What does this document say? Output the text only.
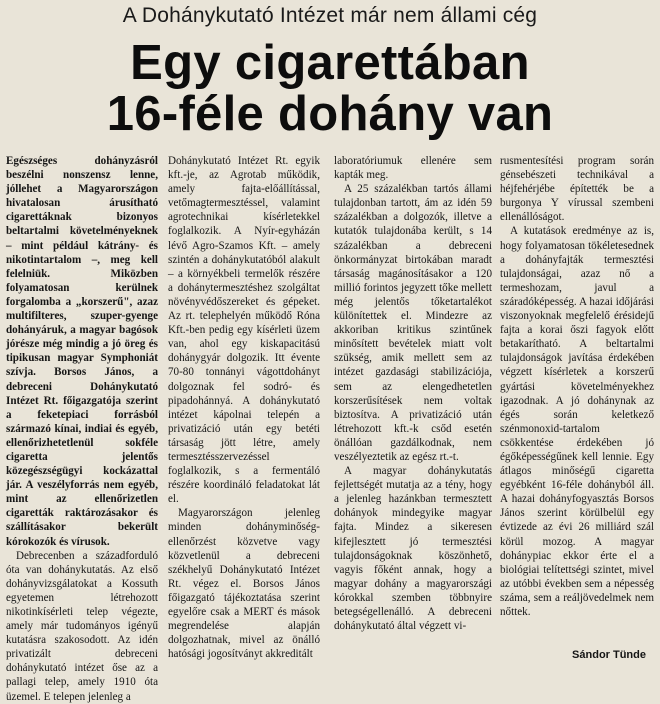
A Dohánykutató Intézet már nem állami cég
Egy cigarettában
16-féle dohány van

Egészséges dohányzásról beszélni nonszensz lenne, jóllehet a Magyarországon hivatalosan árusítható cigarettáknak bizonyos beltartalmi követelményeknek – mint például kátrány- és nikotintartalom –, meg kell felelniük. Miközben folyamatosan kerülnek forgalomba a „korszerű", azaz multifilteres, szuper-gyenge dohányáruk, a magyar bagósok jórésze még mindig a jó öreg és tipikusan magyar Symphoniát szívja. Borsos János, a debreceni Dohánykutató Intézet Rt. főigazgatója szerint a feketepiaci forrásból származó kínai, indiai és egyéb, ellenőrizhetetlenül sokféle cigaretta jelentős közegészségügyi kockázattal jár. A veszélyforrás nem egyéb, mint az ellenőrizetlen cigaretták raktározásakor és szállításakor bekerült kórokozók és vírusok.

Debrecenben a századforduló óta van dohánykutatás. Az első dohányvizsgálatokat a Kossuth egyetemen létrehozott nikotinkísérleti telep végezte, amely már tudományos igényű kutatásra szakosodott. Az idén privatizált debreceni dohánykutató intézet őse az a pallagi telep, amely 1910 óta üzemel. E telepen jelenleg a

Dohánykutató Intézet Rt. egyik kft.-je, az Agrotab működik, amely fajta-előállítással, vetőmagtermesztéssel, valamint agrotechnikai kísérletekkel foglalkozik. A Nyír-egyházán lévő Agro-Szamos Kft. – amely szintén a dohánykutatóból alakult – a környékbeli termelők részére a dohánytermesztéshez szolgáltat növényvédőszereket és gépeket. Az rt. telephelyén működő Róna Kft.-ben pedig egy kísérleti üzem van, ahol egy kiskapacitású dohánygyár dolgozik. Itt évente 70-80 tonnányi vágottdohányt dolgoznak fel sodró- és pipadohánnyá. A dohánykutató intézet kápolnai telepén a privatizáció után egy betéti társaság jött létre, amely termesztésszervezéssel foglalkozik, s a fermentáló részére koordináló feladatokat lát el.

Magyarországon jelenleg minden dohányminőség-ellenőrzést közvetve vagy közvetlenül a debreceni székhelyű Dohánykutató Intézet Rt. végez el. Borsos János főigazgató tájékoztatása szerint egyelőre csak a MERT és mások megrendelése alapján dolgozhatnak, mivel az önálló hatósági jogosítványt akkreditált

laboratóriumuk ellenére sem kapták meg.

A 25 százalékban tartós állami tulajdonban tartott, ám az idén 59 százalékban a dolgozók, illetve a kutatók tulajdonába került, s 14 százalékban a debreceni önkormányzat birtokában maradt társaság magánosításakor a 120 millió forintos jegyzett tőke mellett még jelentős tőketartalékot különítettek el. Mindezre az akkoriban kritikus szintűnek minősített bevételek miatt volt szükség, amik mellett sem az intézet gazdasági stabilizációja, sem az elengedhetetlen korszerűsítések nem voltak biztosítva. A privatizáció után létrehozott kft.-k csőd esetén önállóan gazdálkodnak, nem veszélyeztetik az egész rt.-t.

A magyar dohánykutatás fejlettségét mutatja az a tény, hogy a jelenleg hazánkban termesztett dohányok mindegyike magyar fajta. Mindez a sikeresen kifejlesztett jó termesztési tulajdonságoknak köszönhető, vagyis főként annak, hogy a magyar dohány a magyarországi kórokkal szemben többnyire betegségellenálló. A debreceni dohánykutató által végzett vi-

rusmentesítési program során génsebészeti technikával a héjfehérjébe építették be a burgonya Y vírussal szembeni ellenállóságot.

A kutatások eredménye az is, hogy folyamatosan tökéletesednek a dohányfajták termesztési tulajdonságai, azaz nő a termeshozam, javul a száradóképesség. A hazai időjárási viszonyoknak megfelelő érésidejű fajta a korai őszi fagyok előtt betakarítható. A beltartalmi tulajdonságok javítása érdekében végzett kísérletek a korszerű gyártási követelményekhez igazodnak. A jó dohánynak az égés során keletkező szénmonoxid-tartalom csökkentése érdekében jó égőképességűnek kell lennie. Egy átlagos minőségű cigaretta egyébként 16-féle dohányból áll. A hazai dohányfogyasztás Borsos János szerint körülbelül egy évtizede az évi 26 milliárd szál körül mozog. A magyar dohánypiac ekkor érte el a biológiai telítettségi szintet, mivel az utóbbi években sem a népesség száma, sem a reáljövedelmek nem nőttek.

Sándor Tünde
